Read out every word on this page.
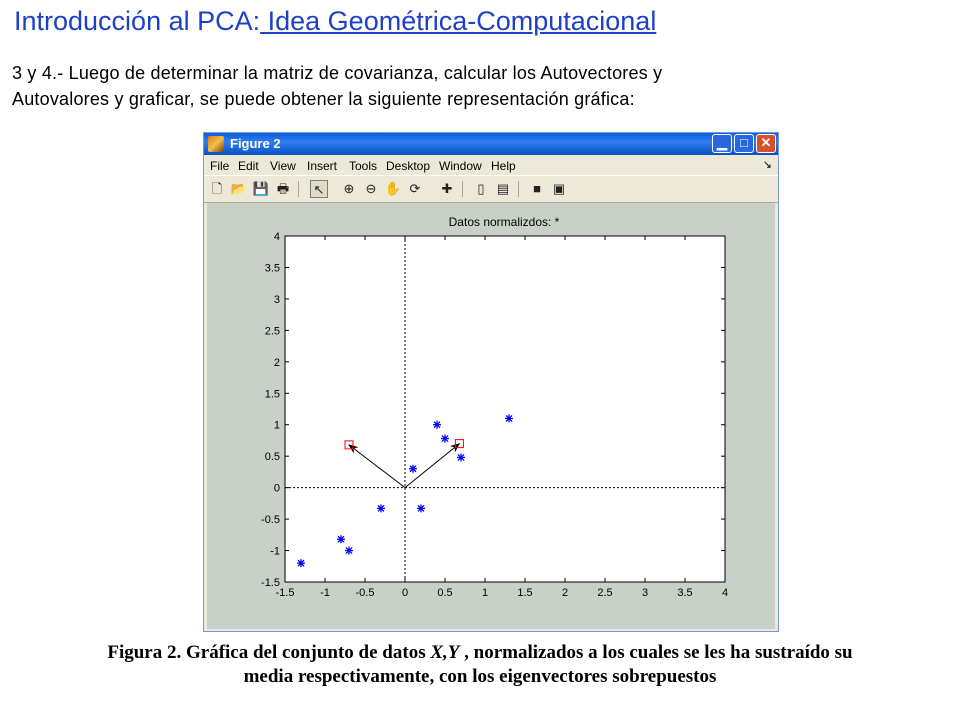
Introducción al PCA: Idea Geométrica-Computacional
3 y 4.- Luego de determinar la matriz de covarianza, calcular los Autovectores y
Autovalores y graficar, se puede obtener la siguiente representación gráfica:
Figure 2	▁	□ ✕
File Edit View Insert Tools Desktop Window Help	↘
🗋 📂 💾 🖶 ↖ ⊕ ⊖ ✋ ⟳ ✚	▯ ▤	■ ▣
Datos normalizdos: *
-1.5 -1 -0.5 0	0.5	1	1.5	2	2.5	3	3.5	4
-1.5
-1
-0.5
0
0.5
1
1.5
2
2.5
3
3.5
4

Figura 2. Gráfica del conjunto de datos X,Y , normalizados a los cuales se les ha sustraído su

media respectivamente, con los eigenvectores sobrepuestos
